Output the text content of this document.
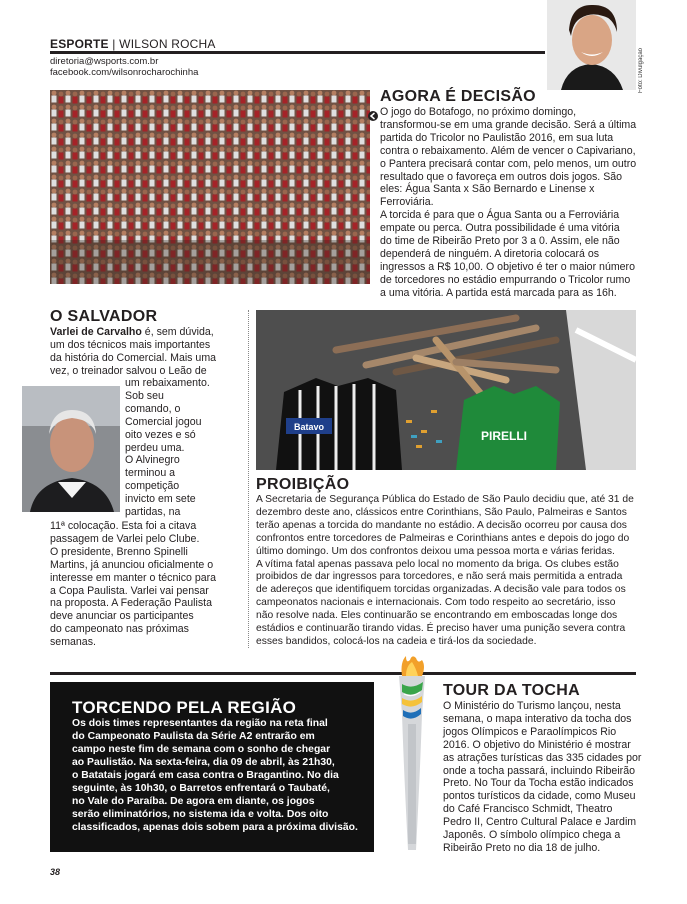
ESPORTE | WILSON ROCHA
diretoria@wsports.com.br
facebook.com/wilsonrocharochinha	Foto: Divulgação
AGORA É DECISÃO
O jogo do Botafogo, no próximo domingo,
transformou-se em uma grande decisão. Será a última
partida do Tricolor no Paulistão 2016, em sua luta
contra o rebaixamento. Além de vencer o Capivariano,
o Pantera precisará contar com, pelo menos, um outro
resultado que o favoreça em outros dois jogos. São
eles: Água Santa x São Bernardo e Linense x Ferroviária.
A torcida é para que o Água Santa ou a Ferroviária
empate ou perca. Outra possibilidade é uma vitória
do time de Ribeirão Preto por 3 a 0. Assim, ele não
dependerá de ninguém. A diretoria colocará os
ingressos a R$ 10,00. O objetivo é ter o maior número
de torcedores no estádio empurrando o Tricolor rumo
a uma vitória. A partida está marcada para as 16h.
O SALVADOR
Varlei de Carvalho é, sem dúvida,
um dos técnicos mais importantes
da história do Comercial. Mais uma
vez, o treinador salvou o Leão de
um rebaixamento.
Sob seu
comando, o
Comercial jogou
oito vezes e só
perdeu uma.
O Alvinegro
terminou a
competição
invicto em sete
partidas, na
11ª colocação. Esta foi a citava
passagem de Varlei pelo Clube.
O presidente, Brenno Spinelli
Martins, já anunciou oficialmente o
interesse em manter o técnico para
a Copa Paulista. Varlei vai pensar
na proposta. A Federação Paulista
deve anunciar os participantes
do campeonato nas próximas
semanas.
Batavo
PIRELLI
PROIBIÇÃO
A Secretaria de Segurança Pública do Estado de São Paulo decidiu que, até 31 de
dezembro deste ano, clássicos entre Corinthians, São Paulo, Palmeiras e Santos
terão apenas a torcida do mandante no estádio. A decisão ocorreu por causa dos
confrontos entre torcedores de Palmeiras e Corinthians antes e depois do jogo do
último domingo. Um dos confrontos deixou uma pessoa morta e várias feridas.
A vítima fatal apenas passava pelo local no momento da briga. Os clubes estão
proibidos de dar ingressos para torcedores, e não será mais permitida a entrada
de adereços que identifiquem torcidas organizadas. A decisão vale para todos os
campeonatos nacionais e internacionais. Com todo respeito ao secretário, isso
não resolve nada. Eles continuarão se encontrando em emboscadas longe dos
estádios e continuarão tirando vidas. É preciso haver uma punição severa contra
esses bandidos, colocá-los na cadeia e tirá-los da sociedade.
TORCENDO PELA REGIÃO
Os dois times representantes da região na reta final
do Campeonato Paulista da Série A2 entrarão em
campo neste fim de semana com o sonho de chegar
ao Paulistão. Na sexta-feira, dia 09 de abril, às 21h30,
o Batatais jogará em casa contra o Bragantino. No dia
seguinte, às 10h30, o Barretos enfrentará o Taubaté,
no Vale do Paraíba. De agora em diante, os jogos
serão eliminatórios, no sistema ida e volta. Dos oito
classificados, apenas dois sobem para a próxima divisão.
TOUR DA TOCHA
O Ministério do Turismo lançou, nesta
semana, o mapa interativo da tocha dos
jogos Olímpicos e Paraolímpicos Rio
2016. O objetivo do Ministério é mostrar
as atrações turísticas das 335 cidades por
onde a tocha passará, incluindo Ribeirão
Preto. No Tour da Tocha estão indicados
pontos turísticos da cidade, como Museu
do Café Francisco Schmidt, Theatro
Pedro II, Centro Cultural Palace e Jardim
Japonês. O símbolo olímpico chega a
Ribeirão Preto no dia 18 de julho.
38
